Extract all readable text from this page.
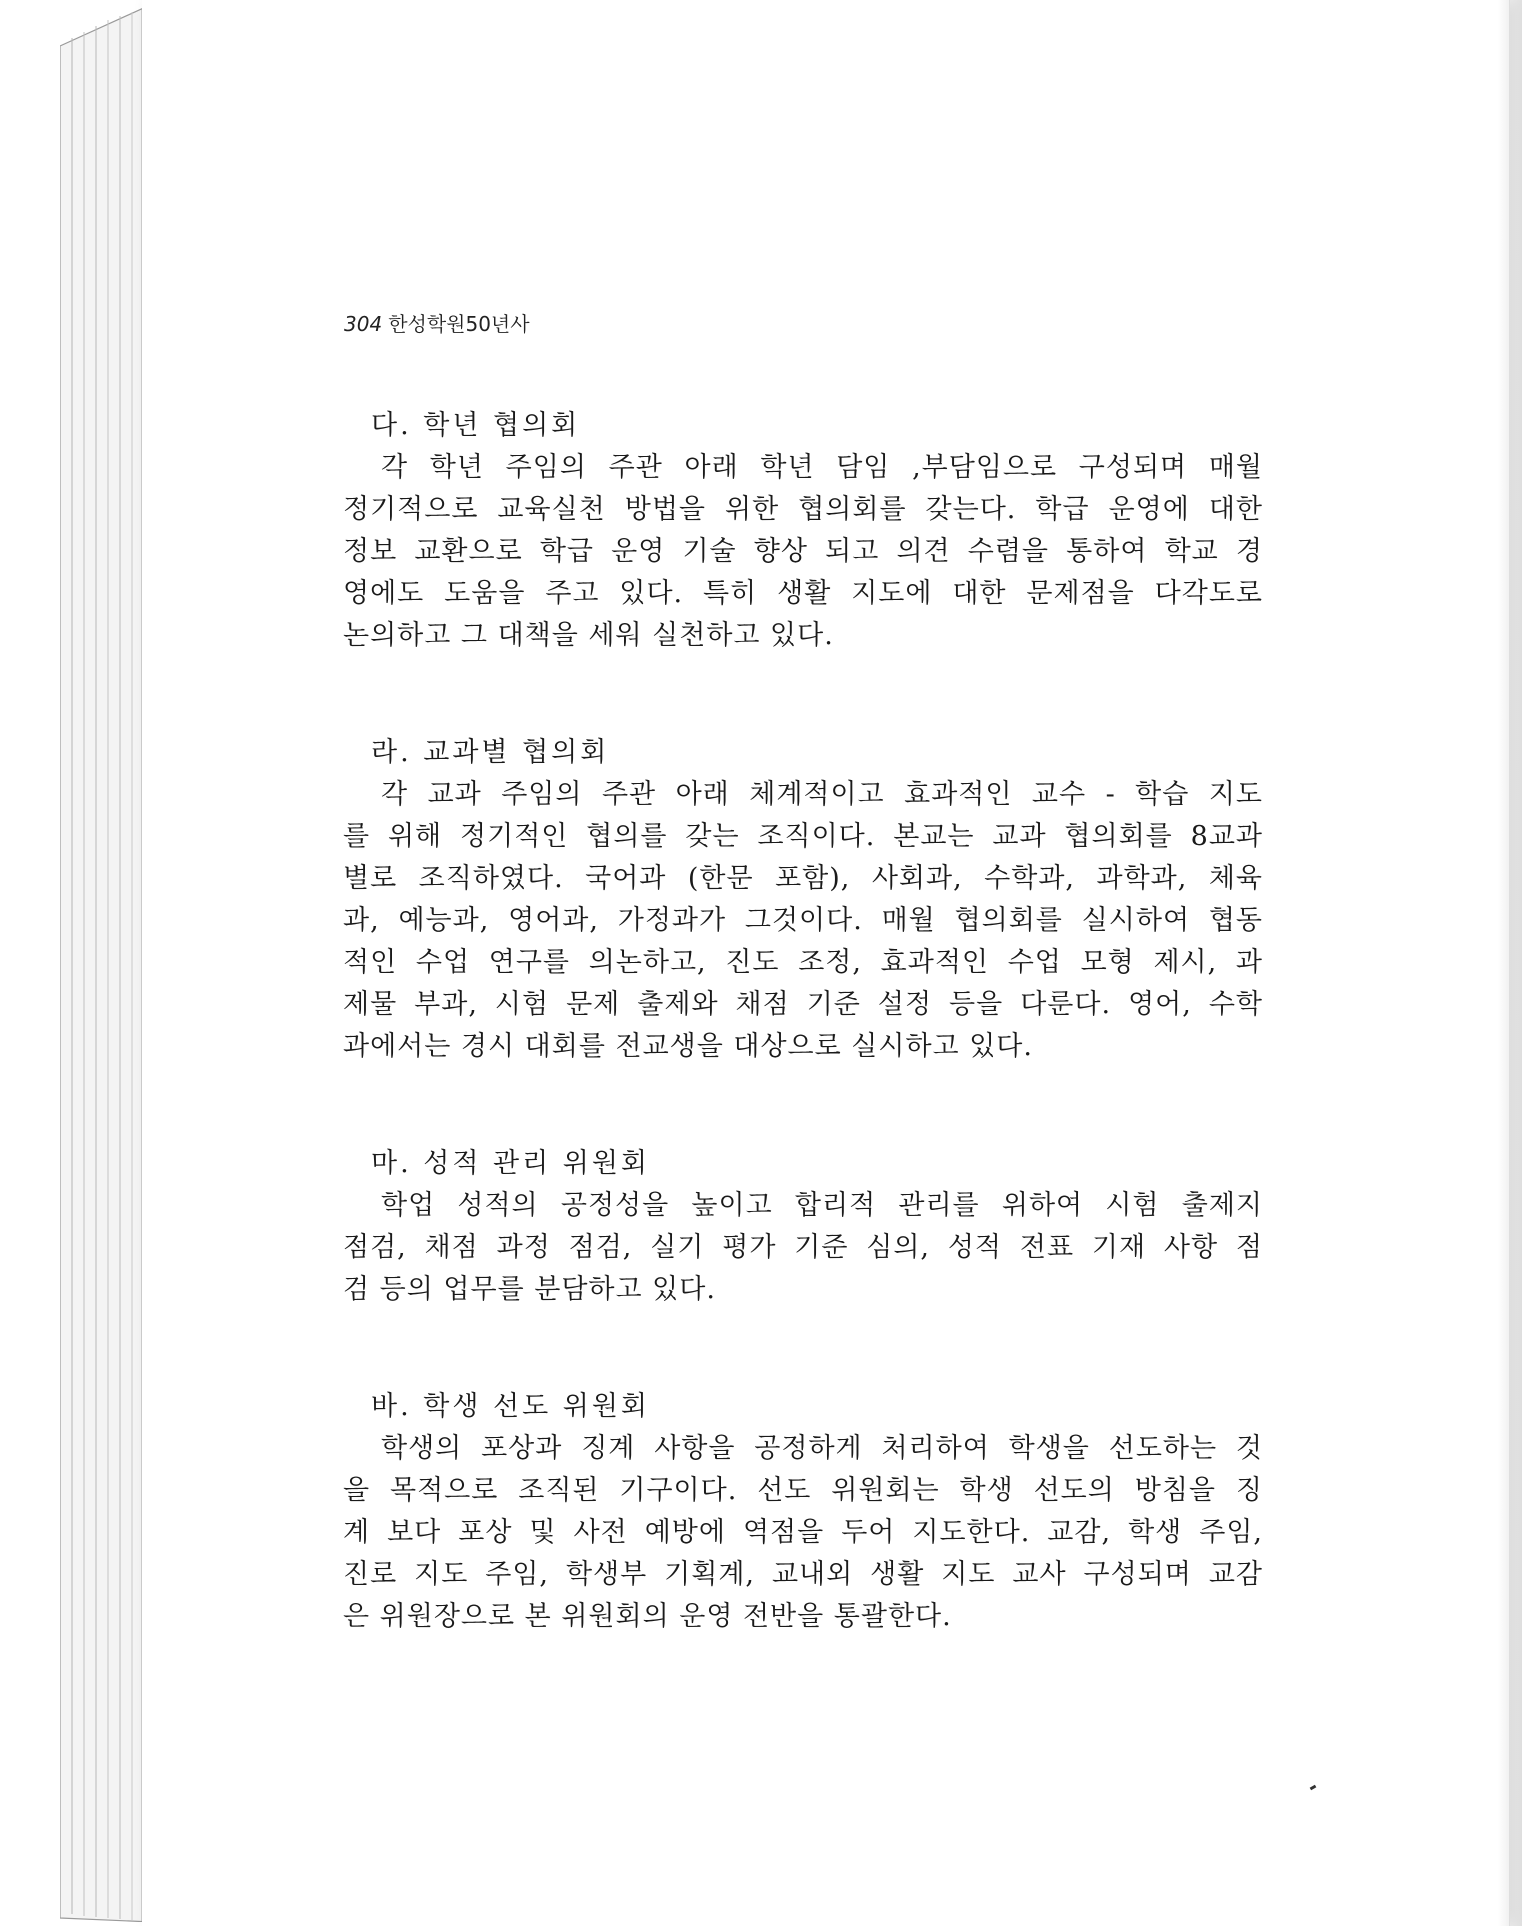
304 한성학원50년사
다. 학년 협의회
각 학년 주임의 주관 아래 학년 담임 ,부담임으로 구성되며 매월
정기적으로 교육실천 방법을 위한 협의회를 갖는다. 학급 운영에 대한
정보 교환으로 학급 운영 기술 향상 되고 의견 수렴을 통하여 학교 경
영에도 도움을 주고 있다. 특히 생활 지도에 대한 문제점을 다각도로
논의하고 그 대책을 세워 실천하고 있다.
라. 교과별 협의회
각 교과 주임의 주관 아래 체계적이고 효과적인 교수 - 학습 지도
를 위해 정기적인 협의를 갖는 조직이다. 본교는 교과 협의회를 8교과
별로 조직하였다. 국어과 (한문 포함), 사회과, 수학과, 과학과, 체육
과, 예능과, 영어과, 가정과가 그것이다. 매월 협의회를 실시하여 협동
적인 수업 연구를 의논하고, 진도 조정, 효과적인 수업 모형 제시, 과
제물 부과, 시험 문제 출제와 채점 기준 설정 등을 다룬다. 영어, 수학
과에서는 경시 대회를 전교생을 대상으로 실시하고 있다.
마. 성적 관리 위원회
학업 성적의 공정성을 높이고 합리적 관리를 위하여 시험 출제지
점검, 채점 과정 점검, 실기 평가 기준 심의, 성적 전표 기재 사항 점
검 등의 업무를 분담하고 있다.
바. 학생 선도 위원회
학생의 포상과 징계 사항을 공정하게 처리하여 학생을 선도하는 것
을 목적으로 조직된 기구이다. 선도 위원회는 학생 선도의 방침을 징
계 보다 포상 및 사전 예방에 역점을 두어 지도한다. 교감, 학생 주임,
진로 지도 주임, 학생부 기획계, 교내외 생활 지도 교사 구성되며 교감
은 위원장으로 본 위원회의 운영 전반을 통괄한다.
